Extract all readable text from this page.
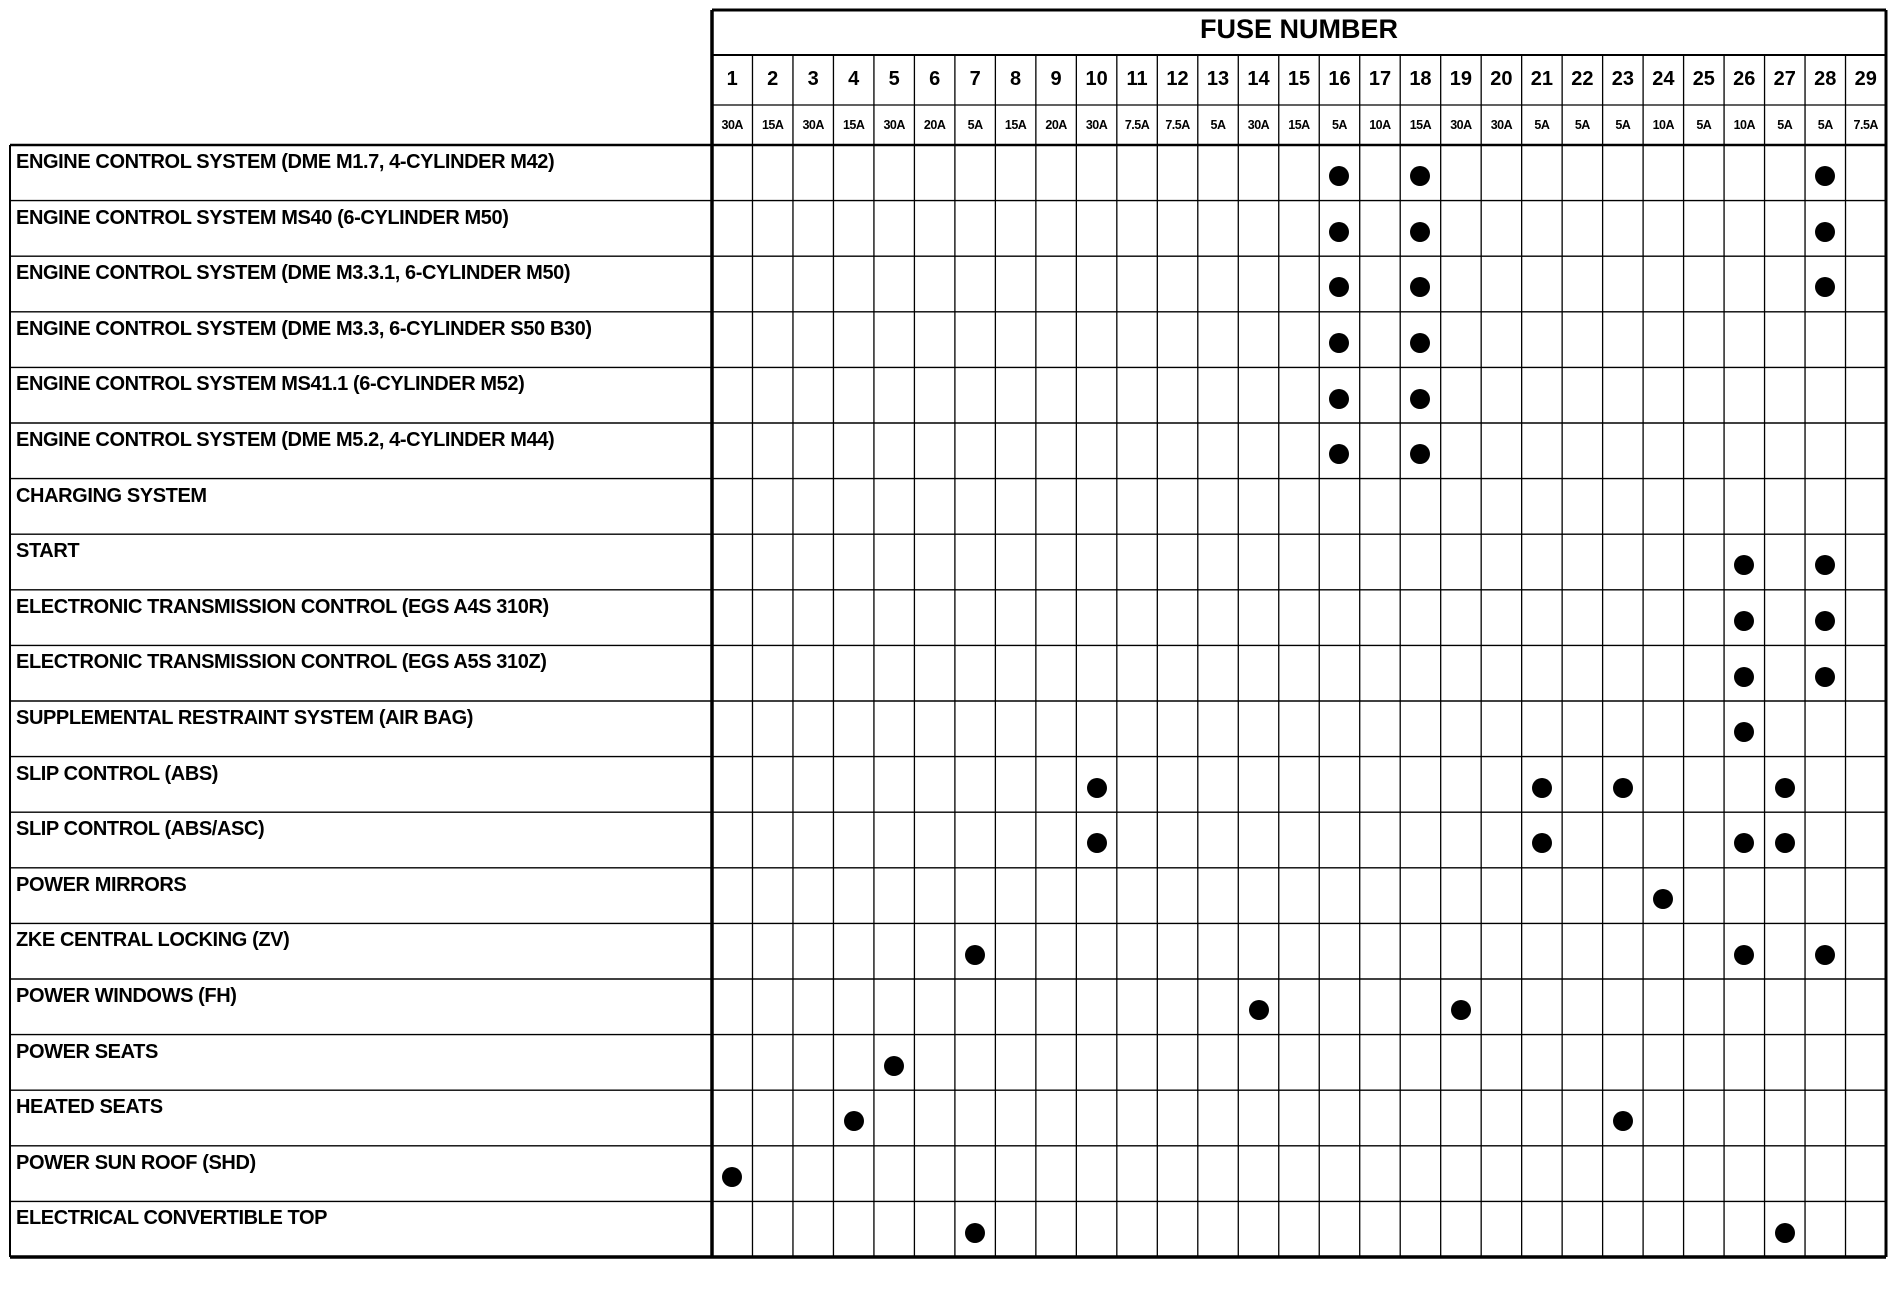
FUSE NUMBER
1
30A
2
15A
3
30A
4
15A
5
30A
6
20A
7
5A
8
15A
9
20A
10
30A
11
7.5A
12
7.5A
13
5A
14
30A
15
15A
16
5A
17
10A
18
15A
19
30A
20
30A
21
5A
22
5A
23
5A
24
10A
25
5A
26
10A
27
5A
28
5A
29
7.5A
ENGINE CONTROL SYSTEM (DME M1.7, 4-CYLINDER M42)
ENGINE CONTROL SYSTEM MS40 (6-CYLINDER M50)
ENGINE CONTROL SYSTEM (DME M3.3.1, 6-CYLINDER M50)
ENGINE CONTROL SYSTEM (DME M3.3, 6-CYLINDER S50 B30)
ENGINE CONTROL SYSTEM MS41.1 (6-CYLINDER M52)
ENGINE CONTROL SYSTEM (DME M5.2, 4-CYLINDER M44)
CHARGING SYSTEM
START
ELECTRONIC TRANSMISSION CONTROL (EGS A4S 310R)
ELECTRONIC TRANSMISSION CONTROL (EGS A5S 310Z)
SUPPLEMENTAL RESTRAINT SYSTEM (AIR BAG)
SLIP CONTROL (ABS)
SLIP CONTROL (ABS/ASC)
POWER MIRRORS
ZKE CENTRAL LOCKING (ZV)
POWER WINDOWS (FH)
POWER SEATS
HEATED SEATS
POWER SUN ROOF (SHD)
ELECTRICAL CONVERTIBLE TOP
